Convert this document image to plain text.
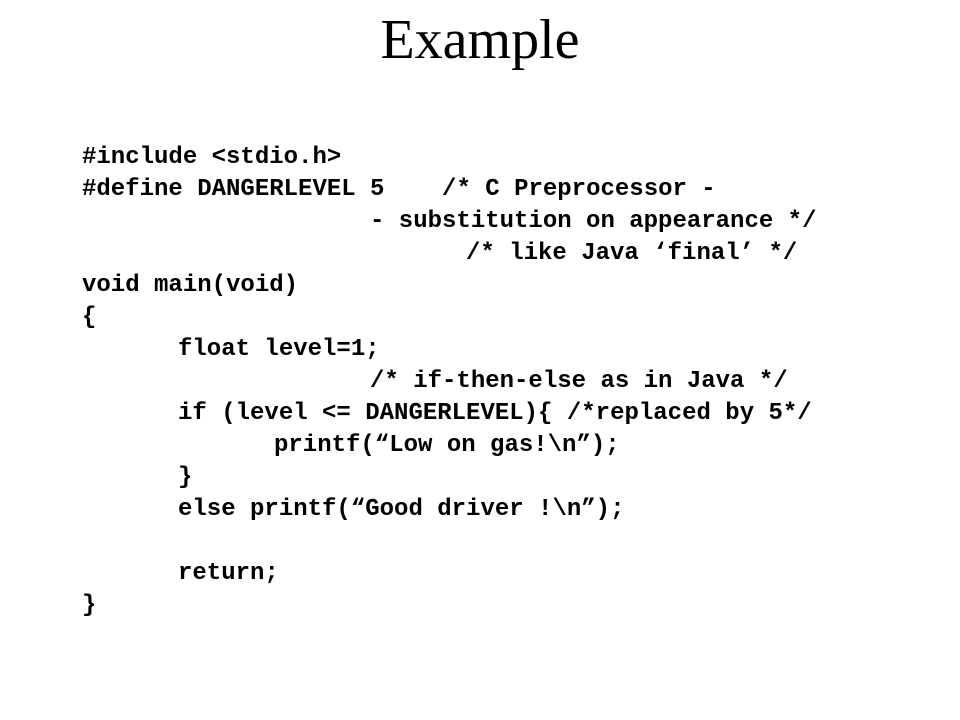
Example
#include <stdio.h>
#define DANGERLEVEL 5    /* C Preprocessor -
- substitution on appearance */
/* like Java ‘final’ */
void main(void)
{
float level=1;
/* if-then-else as in Java */
if (level <= DANGERLEVEL){ /*replaced by 5*/
printf(“Low on gas!\n”);
}
else printf(“Good driver !\n”);
return;
}
